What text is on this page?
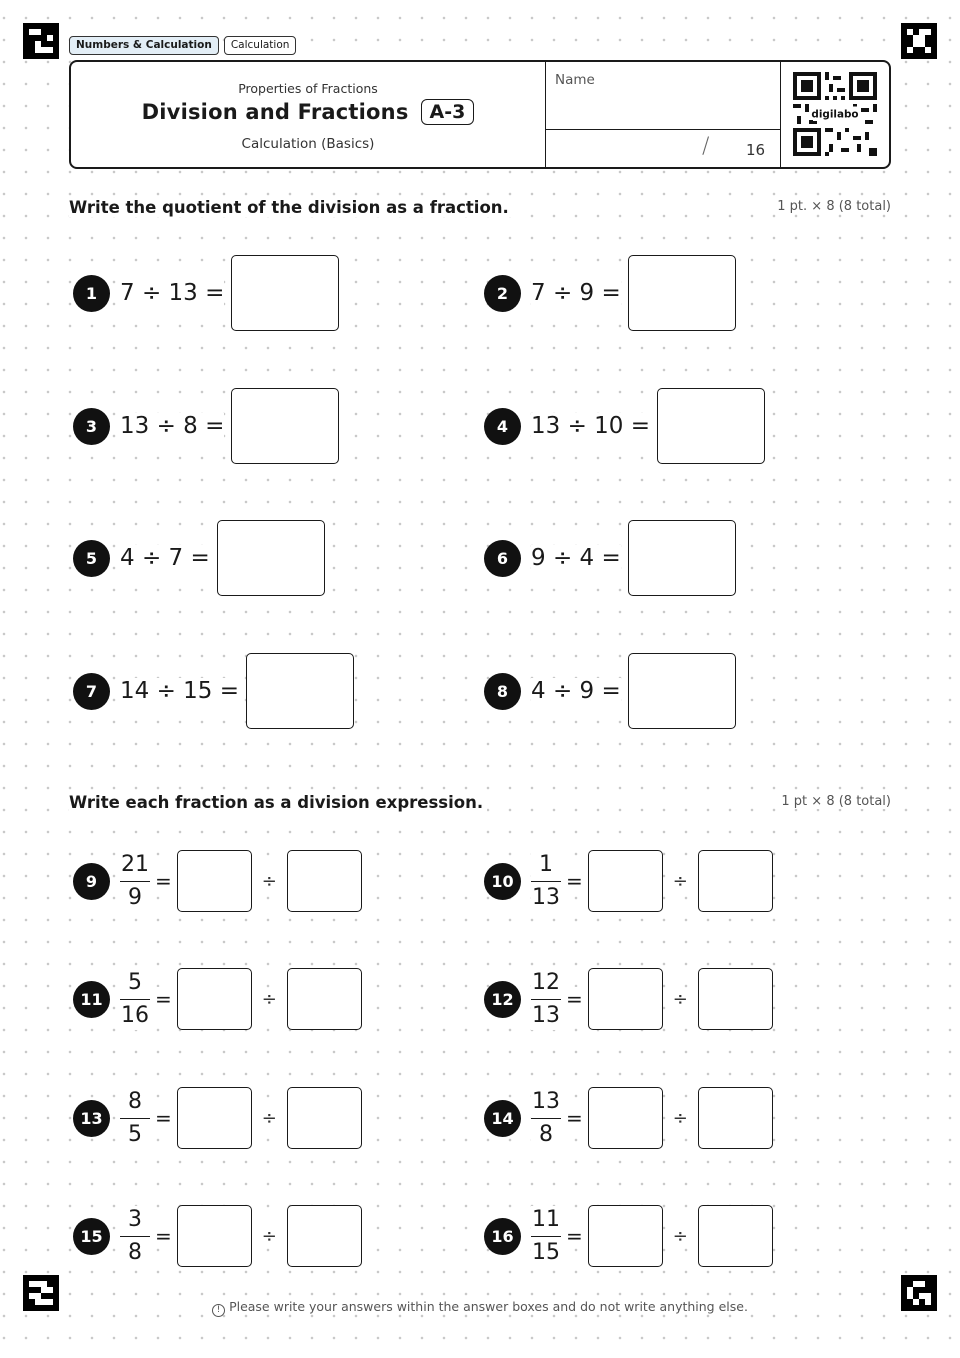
Numbers & Calculation	Calculation
Properties of Fractions
Division and Fractions	A-3
Calculation (Basics)
Name
/ 16
digilabo
Write the quotient of the division as a fraction.	1 pt. × 8 (8 total)
1 7 ÷ 13 =	2 7 ÷ 9 =
3 13 ÷ 8 =	4 13 ÷ 10 =
5 4 ÷ 7 =	6 9 ÷ 4 =
7 14 ÷ 15 =	8 4 ÷ 9 =
Write each fraction as a division expression.	1 pt × 8 (8 total)
9	$\frac{21}{9}$ =	÷	$10 \frac{1}{13}$ =	÷
$11 \frac{5}{16}$ =	÷	$12 \frac{12}{13}$ =	÷
$13 \frac{8}{5}$ =	÷	$14 \frac{13}{8}$ =	÷
$15 \frac{3}{8}$ =	÷	$16 \frac{11}{15}$ =	÷
! Please write your answers within the answer boxes and do not write anything else.
